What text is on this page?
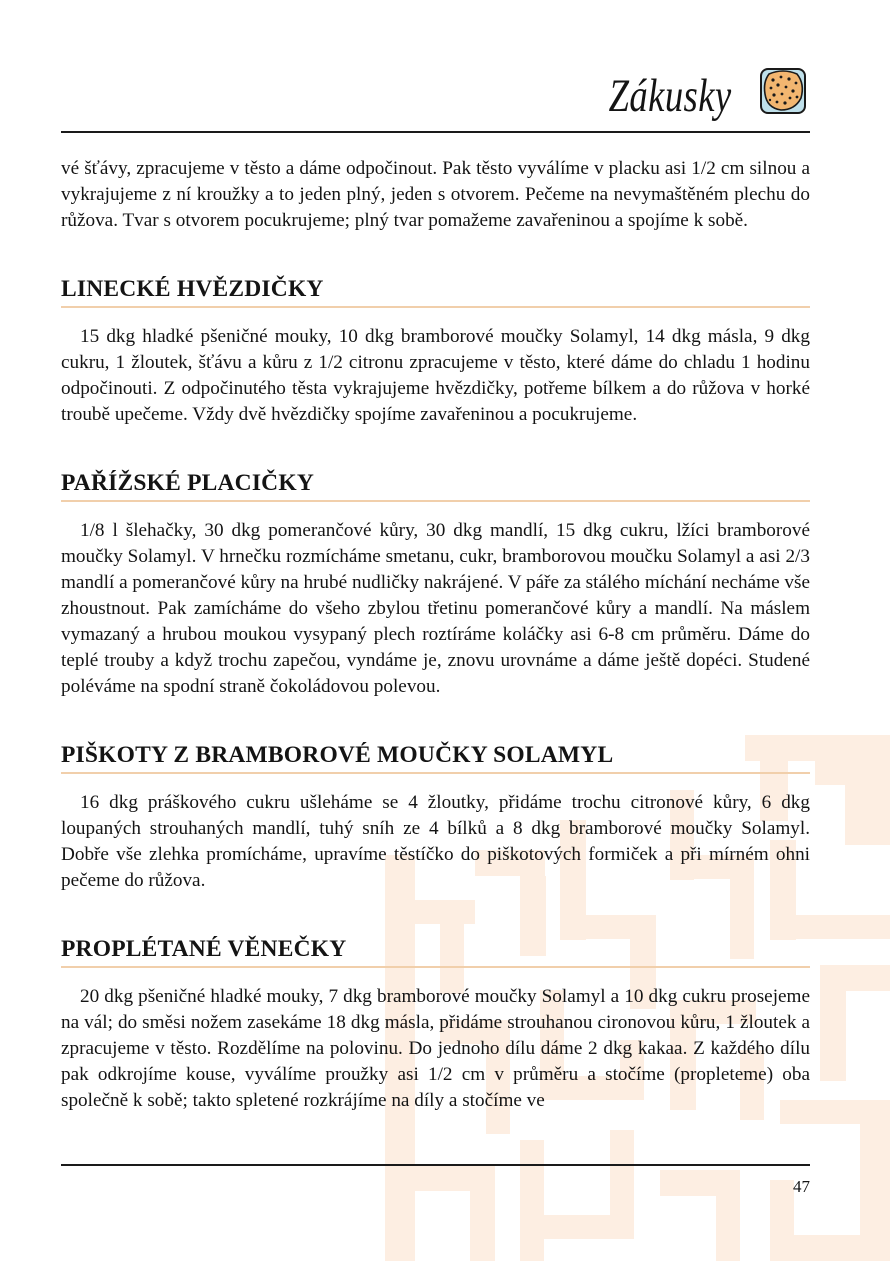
Zákusky

vé šťávy, zpracujeme v těsto a dáme odpočinout. Pak těsto vyválíme v placku asi 1/2 cm silnou a vykrajujeme z ní kroužky a to jeden plný, jeden s otvorem. Pečeme na nevymaštěném plechu do růžova. Tvar s otvorem pocukrujeme; plný tvar pomažeme zavařeninou a spojíme k sobě.

LINECKÉ HVĚZDIČKY

15 dkg hladké pšeničné mouky, 10 dkg bramborové moučky Solamyl, 14 dkg másla, 9 dkg cukru, 1 žloutek, šťávu a kůru z 1/2 citronu zpracujeme v těsto, které dáme do chladu 1 hodinu odpočinouti. Z odpočinutého těsta vykrajujeme hvězdičky, potřeme bílkem a do růžova v horké troubě upečeme. Vždy dvě hvězdičky spojíme zavařeninou a pocukrujeme.

PAŘÍŽSKÉ PLACIČKY

1/8 l šlehačky, 30 dkg pomerančové kůry, 30 dkg mandlí, 15 dkg cukru, lžíci bramborové moučky Solamyl. V hrnečku rozmícháme smetanu, cukr, bramborovou moučku Solamyl a asi 2/3 mandlí a pomerančové kůry na hrubé nudličky nakrájené. V páře za stálého míchání necháme vše zhoustnout. Pak zamícháme do všeho zbylou třetinu pomerančové kůry a mandlí. Na máslem vymazaný a hrubou moukou vysypaný plech roztíráme koláčky asi 6-8 cm průměru. Dáme do teplé trouby a když trochu zapečou, vyndáme je, znovu urovnáme a dáme ještě dopéci. Studené poléváme na spodní straně čokoládovou polevou.

PIŠKOTY Z BRAMBOROVÉ MOUČKY SOLAMYL

16 dkg práškového cukru ušleháme se 4 žloutky, přidáme trochu citronové kůry, 6 dkg loupaných strouhaných mandlí, tuhý sníh ze 4 bílků a 8 dkg bramborové moučky Solamyl. Dobře vše zlehka promícháme, upravíme těstíčko do piškotových formiček a při mírném ohni pečeme do růžova.

PROPLÉTANÉ VĚNEČKY

20 dkg pšeničné hladké mouky, 7 dkg bramborové moučky Solamyl a 10 dkg cukru prosejeme na vál; do směsi nožem zasekáme 18 dkg másla, přidáme strouhanou cironovou kůru, 1 žloutek a zpracujeme v těsto. Rozdělíme na polovinu. Do jednoho dílu dáme 2 dkg kakaa. Z každého dílu pak odkrojíme kouse, vyválíme proužky asi 1/2 cm v průměru a stočíme (propleteme) oba společně k sobě; takto spletené rozkrájíme na díly a stočíme ve

47
